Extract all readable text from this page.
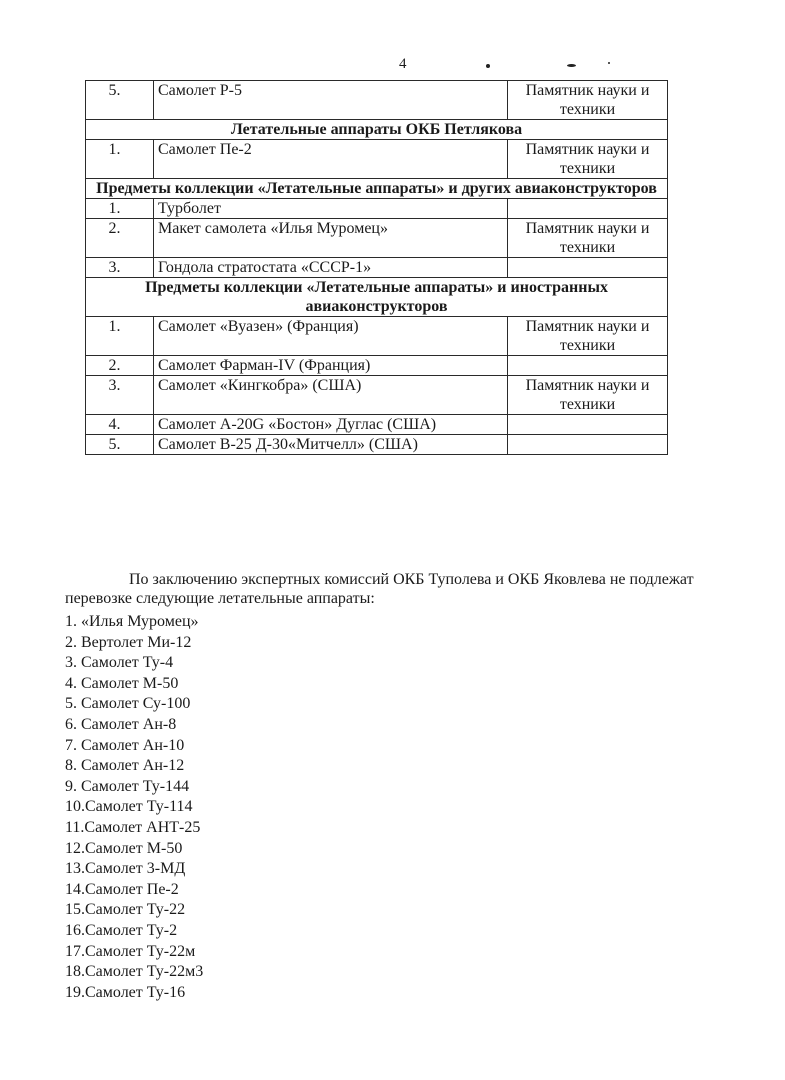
4
5.	Самолет Р-5	Памятник науки и техники
Летательные аппараты ОКБ Петлякова		
1.	Самолет Пе-2	Памятник науки и техники
Предметы коллекции «Летательные аппараты» и других авиаконструкторов		
1.	Турболет	
2.	Макет самолета «Илья Муромец»	Памятник науки и техники
3.	Гондола стратостата «СССР-1»	
Предметы коллекции «Летательные аппараты» и иностранных авиаконструкторов		
1.	Самолет «Вуазен» (Франция)	Памятник науки и техники
2.	Самолет Фарман-IV (Франция)	
3.	Самолет «Кингкобра» (США)	Памятник науки и техники
4.	Самолет А-20G «Бостон» Дуглас (США)	
5.	Самолет В-25 Д-30«Митчелл» (США)	

По заключению экспертных комиссий ОКБ Туполева и ОКБ Яковлева не подлежат перевозке следующие летательные аппараты:

1. «Илья Муромец»
2. Вертолет Ми-12
3. Самолет Ту-4
4. Самолет М-50
5. Самолет Су-100
6. Самолет Ан-8
7. Самолет Ан-10
8. Самолет Ан-12
9. Самолет Ту-144
10.Самолет Ту-114
11.Самолет АНТ-25
12.Самолет М-50
13.Самолет 3-МД
14.Самолет Пе-2
15.Самолет Ту-22
16.Самолет Ту-2
17.Самолет Ту-22м
18.Самолет Ту-22м3
19.Самолет Ту-16
